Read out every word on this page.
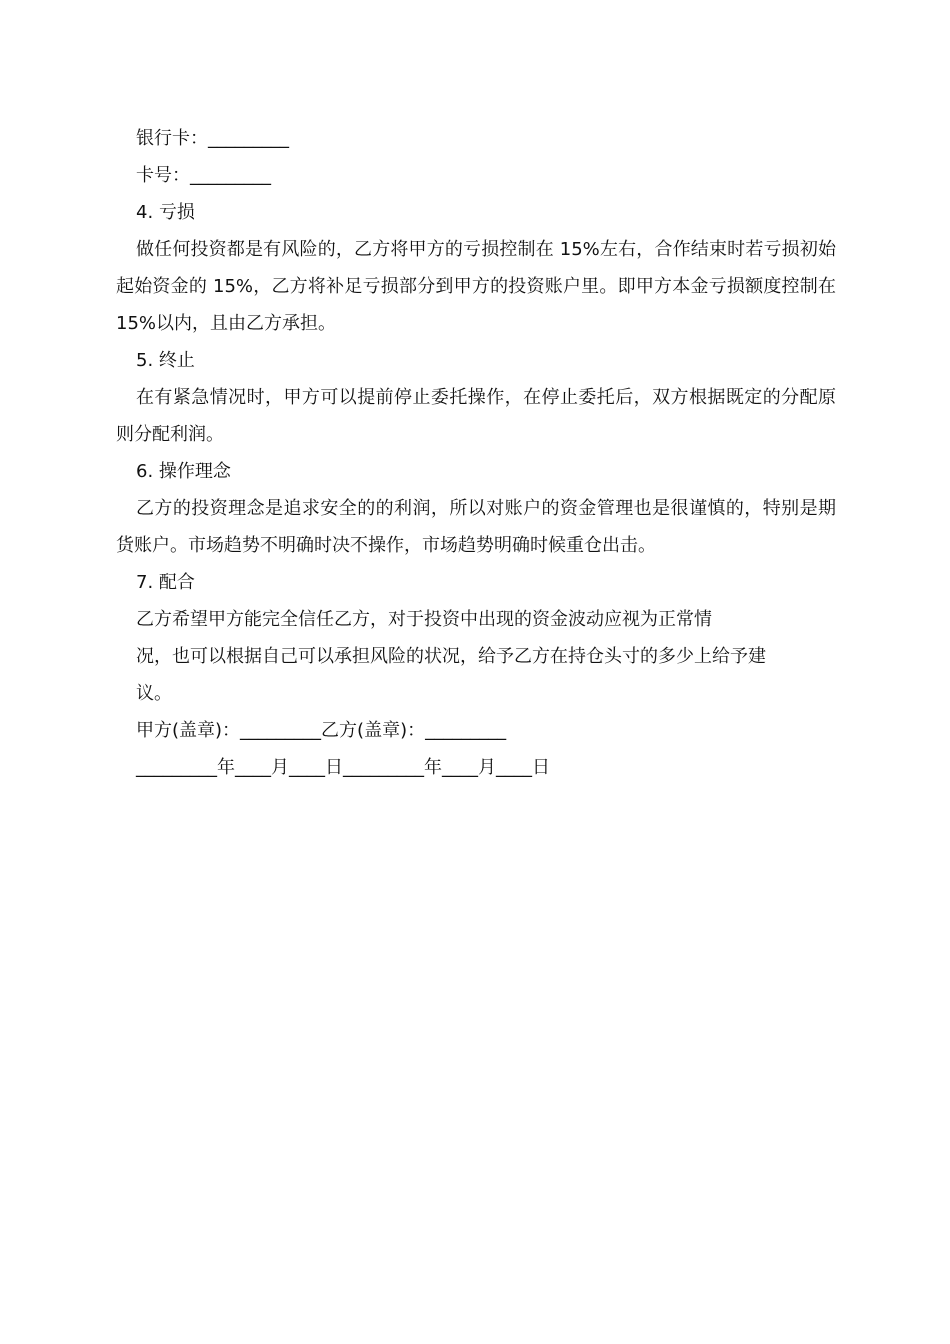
银行卡：_________
卡号：_________
4. 亏损
做任何投资都是有风险的，乙方将甲方的亏损控制在 15%左右，合作结束时若亏损初始起始资金的 15%，乙方将补足亏损部分到甲方的投资账户里。即甲方本金亏损额度控制在 15%以内，且由乙方承担。
5. 终止
在有紧急情况时，甲方可以提前停止委托操作，在停止委托后，双方根据既定的分配原则分配利润。
6. 操作理念
乙方的投资理念是追求安全的的利润，所以对账户的资金管理也是很谨慎的，特别是期货账户。市场趋势不明确时决不操作，市场趋势明确时候重仓出击。
7. 配合
乙方希望甲方能完全信任乙方，对于投资中出现的资金波动应视为正常情
况，也可以根据自己可以承担风险的状况，给予乙方在持仓头寸的多少上给予建
议。
甲方(盖章)：_________乙方(盖章)：_________
_________年____月____日_________年____月____日
